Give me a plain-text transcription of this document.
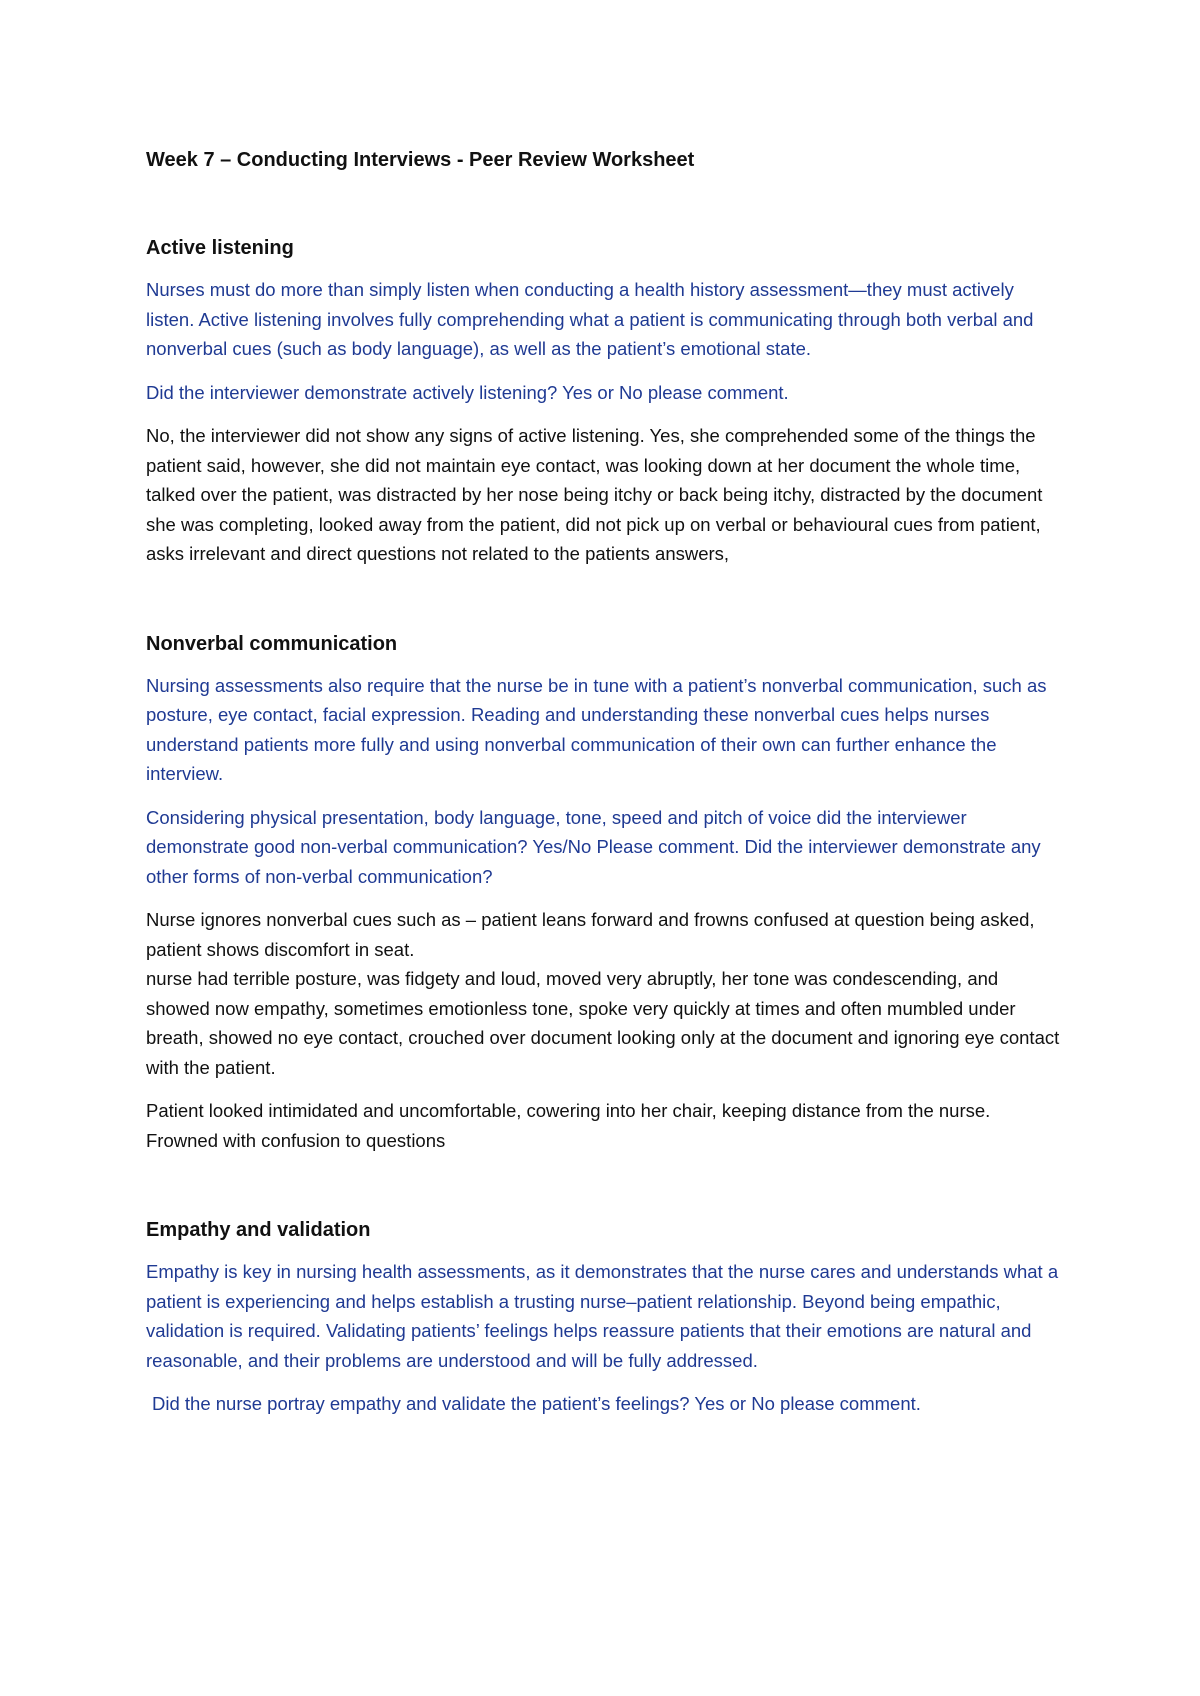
Week 7 – Conducting Interviews - Peer Review Worksheet
Active listening

Nurses must do more than simply listen when conducting a health history assessment—they must actively listen. Active listening involves fully comprehending what a patient is communicating through both verbal and nonverbal cues (such as body language), as well as the patient’s emotional state.

Did the interviewer demonstrate actively listening? Yes or No please comment.

No, the interviewer did not show any signs of active listening. Yes, she comprehended some of the things the patient said, however, she did not maintain eye contact, was looking down at her document the whole time, talked over the patient, was distracted by her nose being itchy or back being itchy, distracted by the document she was completing, looked away from the patient, did not pick up on verbal or behavioural cues from patient, asks irrelevant and direct questions not related to the patients answers,

Nonverbal communication

Nursing assessments also require that the nurse be in tune with a patient’s nonverbal communication, such as posture, eye contact, facial expression. Reading and understanding these nonverbal cues helps nurses understand patients more fully and using nonverbal communication of their own can further enhance the interview.

Considering physical presentation, body language, tone, speed and pitch of voice did the interviewer demonstrate good non-verbal communication? Yes/No Please comment. Did the interviewer demonstrate any other forms of non-verbal communication?

Nurse ignores nonverbal cues such as – patient leans forward and frowns confused at question being asked, patient shows discomfort in seat.
nurse had terrible posture, was fidgety and loud, moved very abruptly, her tone was condescending, and showed now empathy, sometimes emotionless tone, spoke very quickly at times and often mumbled under breath, showed no eye contact, crouched over document looking only at the document and ignoring eye contact with the patient.

Patient looked intimidated and uncomfortable, cowering into her chair, keeping distance from the nurse. Frowned with confusion to questions

Empathy and validation

Empathy is key in nursing health assessments, as it demonstrates that the nurse cares and understands what a patient is experiencing and helps establish a trusting nurse–patient relationship. Beyond being empathic, validation is required. Validating patients’ feelings helps reassure patients that their emotions are natural and reasonable, and their problems are understood and will be fully addressed.

Did the nurse portray empathy and validate the patient’s feelings? Yes or No please comment.
